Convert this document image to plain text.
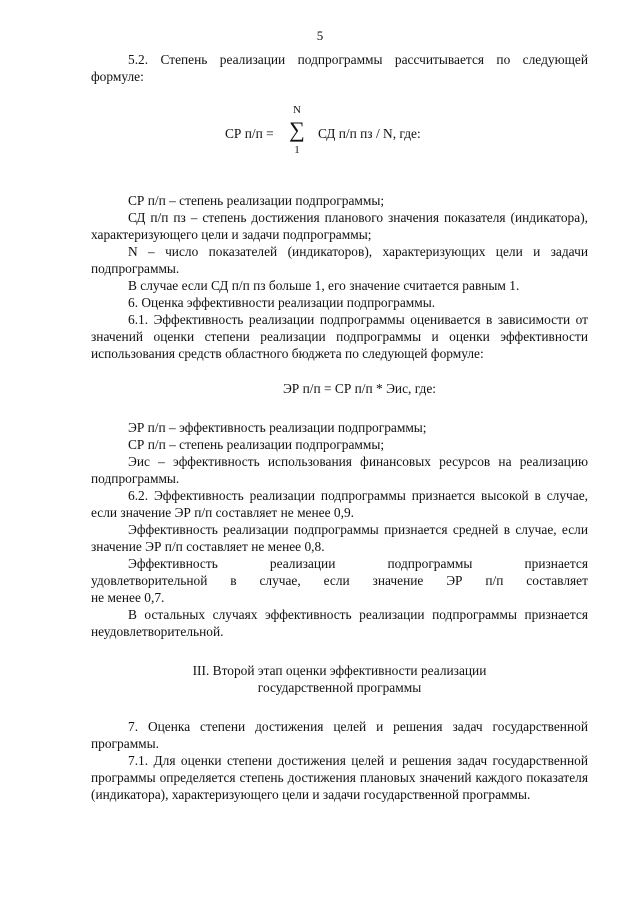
5

5.2. Степень реализации подпрограммы рассчитывается по следующей формуле:

СР п/п =
N
∑
1
СД п/п пз / N, где:

СР п/п – степень реализации подпрограммы;

СД п/п пз – степень достижения планового значения показателя (индикатора), характеризующего цели и задачи подпрограммы;

N – число показателей (индикаторов), характеризующих цели и задачи подпрограммы.

В случае если СД п/п пз больше 1, его значение считается равным 1.

6. Оценка эффективности реализации подпрограммы.

6.1. Эффективность реализации подпрограммы оценивается в зависимости от значений оценки степени реализации подпрограммы и оценки эффективности использования средств областного бюджета по следующей формуле:

ЭР п/п = СР п/п * Эис, где:

ЭР п/п – эффективность реализации подпрограммы;

СР п/п – степень реализации подпрограммы;

Эис – эффективность использования финансовых ресурсов на реализацию подпрограммы.

6.2. Эффективность реализации подпрограммы признается высокой в случае, если значение ЭР п/п составляет не менее 0,9.

Эффективность реализации подпрограммы признается средней в случае, если значение ЭР п/п составляет не менее 0,8.

Эффективность	реализации	подпрограммы	признается
удовлетворительной в случае, если значение ЭР п/п составляет

не менее 0,7.

В остальных случаях эффективность реализации подпрограммы признается неудовлетворительной.

III. Второй этап оценки эффективности реализации

государственной программы

7. Оценка степени достижения целей и решения задач государственной программы.

7.1. Для оценки степени достижения целей и решения задач государственной программы определяется степень достижения плановых значений каждого показателя (индикатора), характеризующего цели и задачи государственной программы.
